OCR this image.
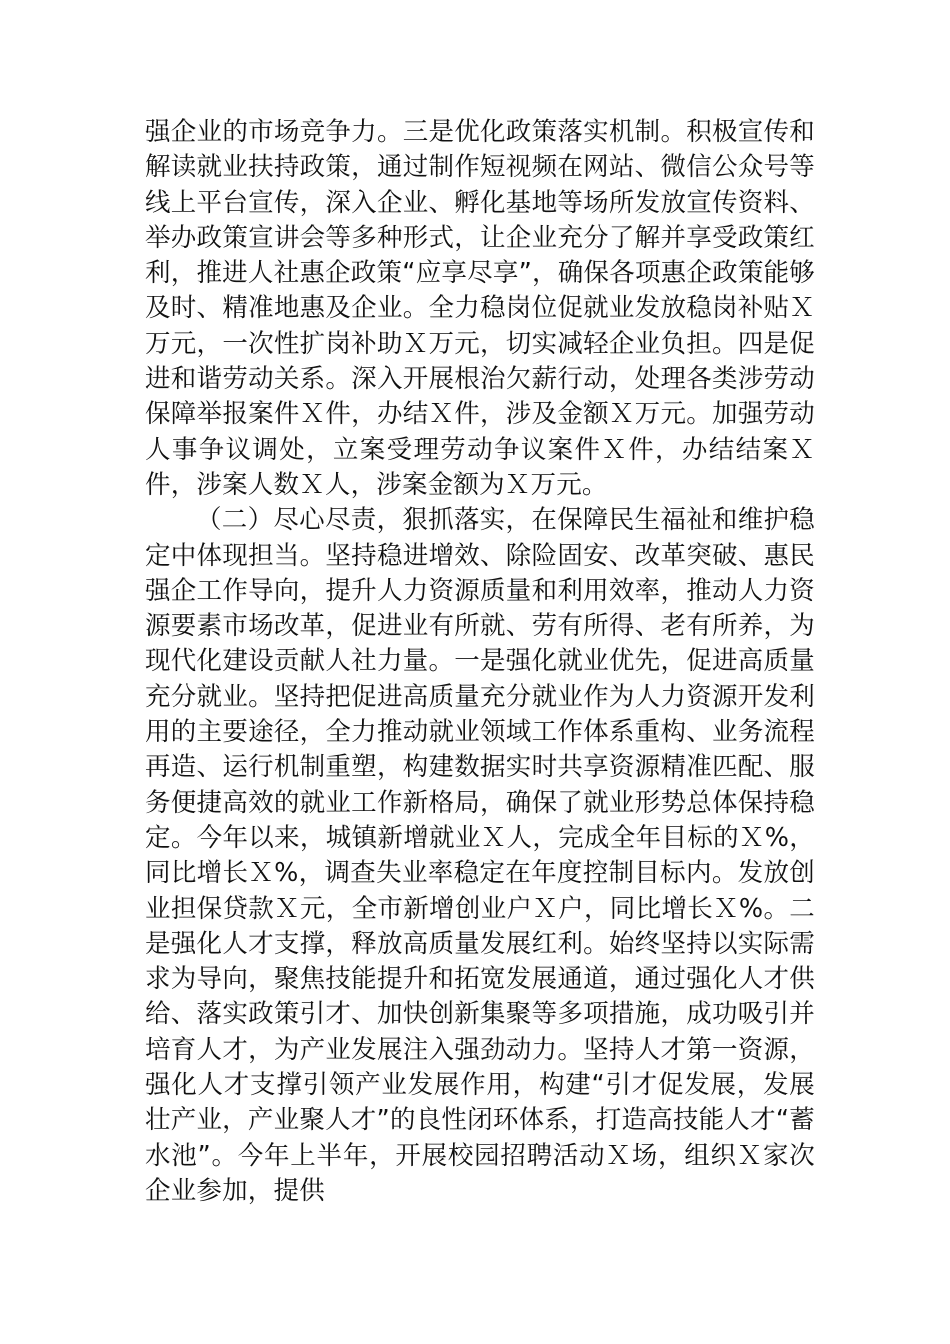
强企业的市场竞争力。三是优化政策落实机制。积极宣传和解读就业扶持政策，通过制作短视频在网站、微信公众号等线上平台宣传，深入企业、孵化基地等场所发放宣传资料、举办政策宣讲会等多种形式，让企业充分了解并享受政策红利，推进人社惠企政策“应享尽享”，确保各项惠企政策能够及时、精准地惠及企业。全力稳岗位促就业发放稳岗补贴Ｘ万元，一次性扩岗补助Ｘ万元，切实减轻企业负担。四是促进和谐劳动关系。深入开展根治欠薪行动，处理各类涉劳动保障举报案件Ｘ件，办结Ｘ件，涉及金额Ｘ万元。加强劳动人事争议调处，立案受理劳动争议案件Ｘ件，办结结案Ｘ件，涉案人数Ｘ人，涉案金额为Ｘ万元。

（二）尽心尽责，狠抓落实，在保障民生福祉和维护稳定中体现担当。坚持稳进增效、除险固安、改革突破、惠民强企工作导向，提升人力资源质量和利用效率，推动人力资源要素市场改革，促进业有所就、劳有所得、老有所养，为现代化建设贡献人社力量。一是强化就业优先，促进高质量充分就业。坚持把促进高质量充分就业作为人力资源开发利用的主要途径，全力推动就业领域工作体系重构、业务流程再造、运行机制重塑，构建数据实时共享资源精准匹配、服务便捷高效的就业工作新格局，确保了就业形势总体保持稳定。今年以来，城镇新增就业Ｘ人，完成全年目标的Ｘ%，同比增长Ｘ%，调查失业率稳定在年度控制目标内。发放创业担保贷款Ｘ元，全市新增创业户Ｘ户，同比增长Ｘ%。二是强化人才支撑，释放高质量发展红利。始终坚持以实际需求为导向，聚焦技能提升和拓宽发展通道，通过强化人才供给、落实政策引才、加快创新集聚等多项措施，成功吸引并培育人才，为产业发展注入强劲动力。坚持人才第一资源，强化人才支撑引领产业发展作用，构建“引才促发展，发展壮产业，产业聚人才”的良性闭环体系，打造高技能人才“蓄水池”。今年上半年，开展校园招聘活动Ｘ场，组织Ｘ家次企业参加，提供
